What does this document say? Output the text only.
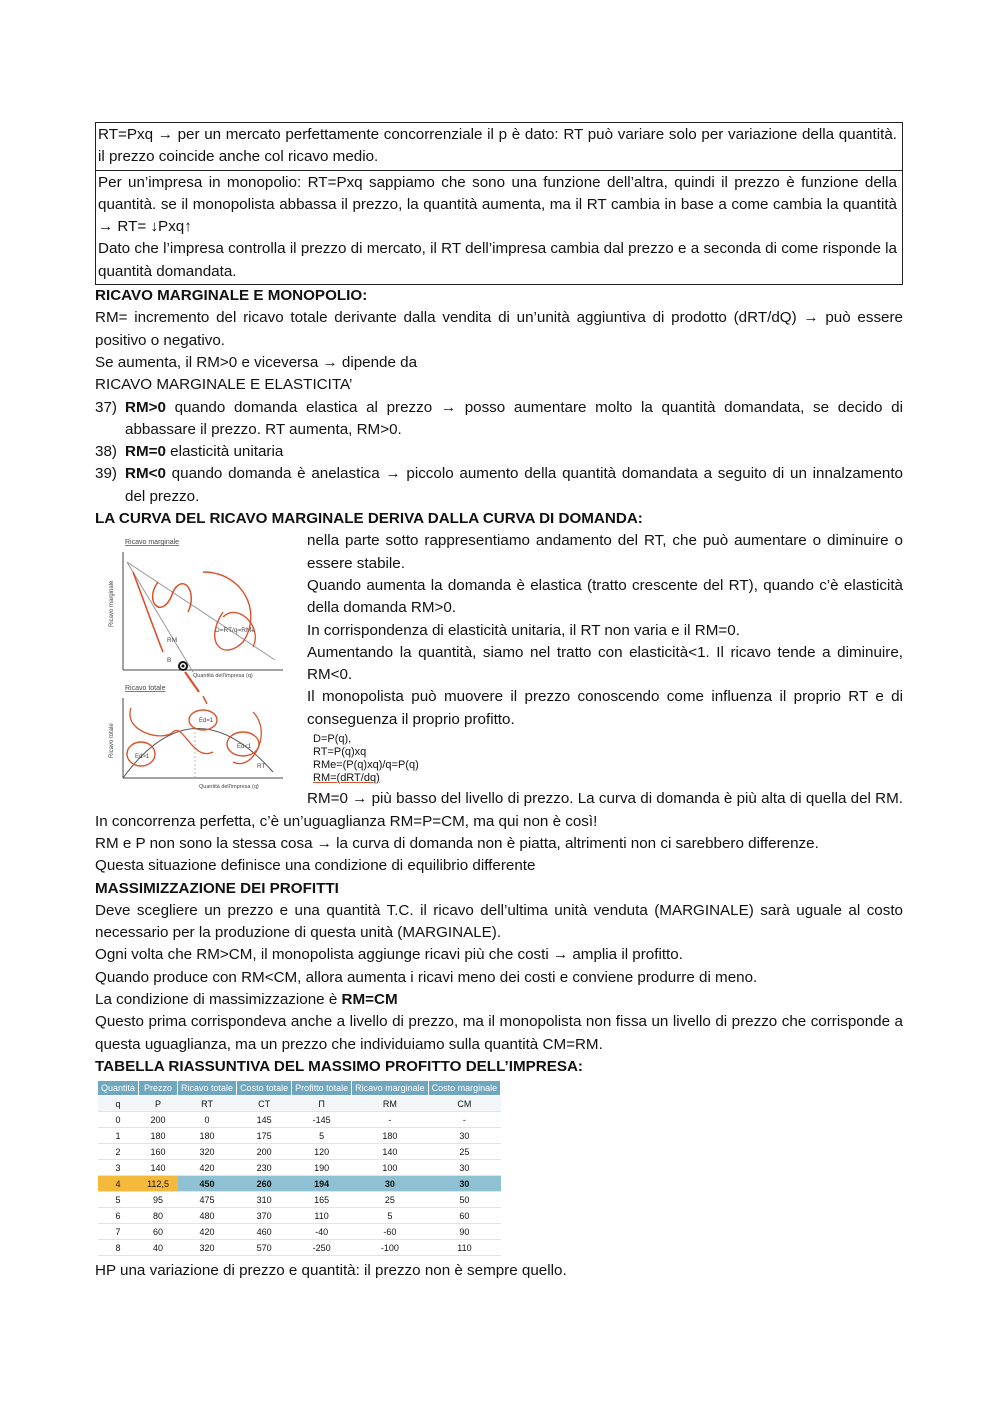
RT=Pxq → per un mercato perfettamente concorrenziale il p è dato: RT può variare solo per variazione della quantità. il prezzo coincide anche col ricavo medio.
Per un’impresa in monopolio: RT=Pxq sappiamo che sono una funzione dell’altra, quindi il prezzo è funzione della quantità. se il monopolista abbassa il prezzo, la quantità aumenta, ma il RT cambia in base a come cambia la quantità → RT= ↓Pxq↑
Dato che l’impresa controlla il prezzo di mercato, il RT dell’impresa cambia dal prezzo e a seconda di come risponde la quantità domandata.

RICAVO MARGINALE E MONOPOLIO:

RM= incremento del ricavo totale derivante dalla vendita di un’unità aggiuntiva di prodotto (dRT/dQ) → può essere positivo o negativo.

Se aumenta, il RM>0 e viceversa → dipende da

RICAVO MARGINALE E ELASTICITA’

37) RM>0 quando domanda elastica al prezzo → posso aumentare molto la quantità domandata, se decido di abbassare il prezzo. RT aumenta, RM>0.
38) RM=0 elasticità unitaria
39) RM<0 quando domanda è anelastica → piccolo aumento della quantità domandata a seguito di un innalzamento del prezzo.

LA CURVA DEL RICAVO MARGINALE DERIVA DALLA CURVA DI DOMANDA:

Ricavo marginale
Ricavo marginale
D=RT/q=RMe
RM
B
Quantità dell'impresa (q)
Ricavo totale
Ricavo totale	Ed>1
Ed=1
Ed<1
RT
Quantità dell'impresa (q)

nella parte sotto rappresentiamo andamento del RT, che può aumentare o diminuire o essere stabile.

Quando aumenta la domanda è elastica (tratto crescente del RT), quando c’è elasticità della domanda RM>0.

In corrispondenza di elasticità unitaria, il RT non varia e il RM=0.

Aumentando la quantità, siamo nel tratto con elasticità<1. Il ricavo tende a diminuire, RM<0.

Il monopolista può muovere il prezzo conoscendo come influenza il proprio RT e di conseguenza il proprio profitto.

D=P(q),
RT=P(q)xq
RMe=(P(q)xq)/q=P(q)
RM=(dRT/dq)

RM=0 → più basso del livello di prezzo. La curva di domanda è più alta di quella del RM. In concorrenza perfetta, c’è un’uguaglianza RM=P=CM, ma qui non è così!

RM e P non sono la stessa cosa → la curva di domanda non è piatta, altrimenti non ci sarebbero differenze.

Questa situazione definisce una condizione di equilibrio differente

MASSIMIZZAZIONE DEI PROFITTI

Deve scegliere un prezzo e una quantità T.C. il ricavo dell’ultima unità venduta (MARGINALE) sarà uguale al costo necessario per la produzione di questa unità (MARGINALE).

Ogni volta che RM>CM, il monopolista aggiunge ricavi più che costi → amplia il profitto.

Quando produce con RM<CM, allora aumenta i ricavi meno dei costi e conviene produrre di meno.

La condizione di massimizzazione è RM=CM

Questo prima corrispondeva anche a livello di prezzo, ma il monopolista non fissa un livello di prezzo che corrisponde a questa uguaglianza, ma un prezzo che individuiamo sulla quantità CM=RM.

TABELLA RIASSUNTIVA DEL MASSIMO PROFITTO DELL’IMPRESA:

Quantità	Prezzo	Ricavo totale	Costo totale	Profitto totale	Ricavo marginale	Costo marginale
q	P	RT	CT	Π	RM	CM
0	200	0	145	-145	-	-
1	180	180	175	5	180	30
2	160	320	200	120	140	25
3	140	420	230	190	100	30
4	112,5	450	260	194	30	30
5	95	475	310	165	25	50
6	80	480	370	110	5	60
7	60	420	460	-40	-60	90
8	40	320	570	-250	-100	110

HP una variazione di prezzo e quantità: il prezzo non è sempre quello.
